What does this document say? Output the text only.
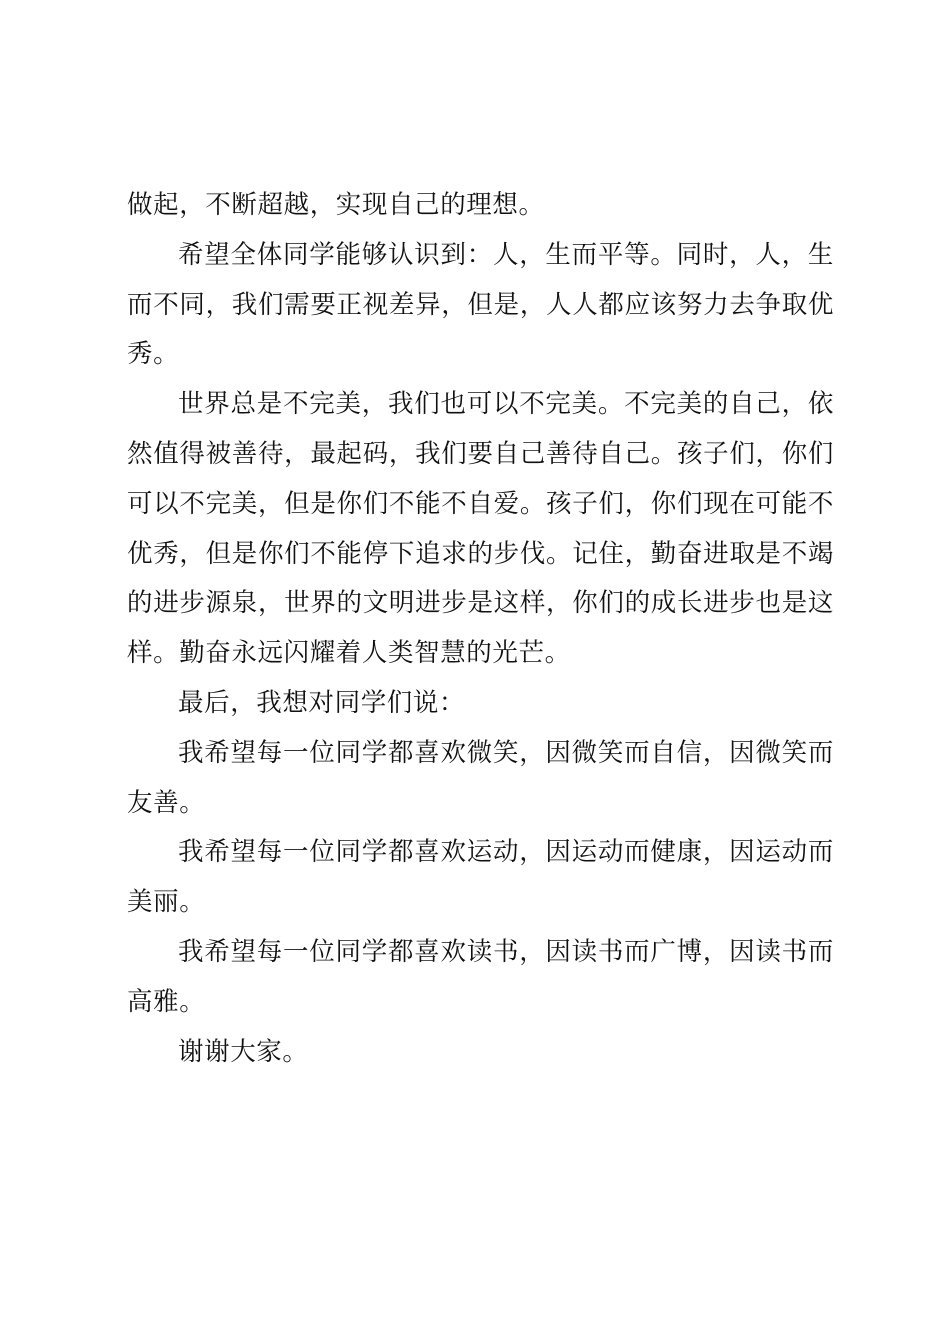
做起，不断超越，实现自己的理想。

希望全体同学能够认识到：人，生而平等。同时，人，生而不同，我们需要正视差异，但是，人人都应该努力去争取优秀。

世界总是不完美，我们也可以不完美。不完美的自己，依然值得被善待，最起码，我们要自己善待自己。孩子们，你们可以不完美，但是你们不能不自爱。孩子们，你们现在可能不优秀，但是你们不能停下追求的步伐。记住，勤奋进取是不竭的进步源泉，世界的文明进步是这样，你们的成长进步也是这样。勤奋永远闪耀着人类智慧的光芒。

最后，我想对同学们说：

我希望每一位同学都喜欢微笑，因微笑而自信，因微笑而友善。

我希望每一位同学都喜欢运动，因运动而健康，因运动而美丽。

我希望每一位同学都喜欢读书，因读书而广博，因读书而高雅。

谢谢大家。
